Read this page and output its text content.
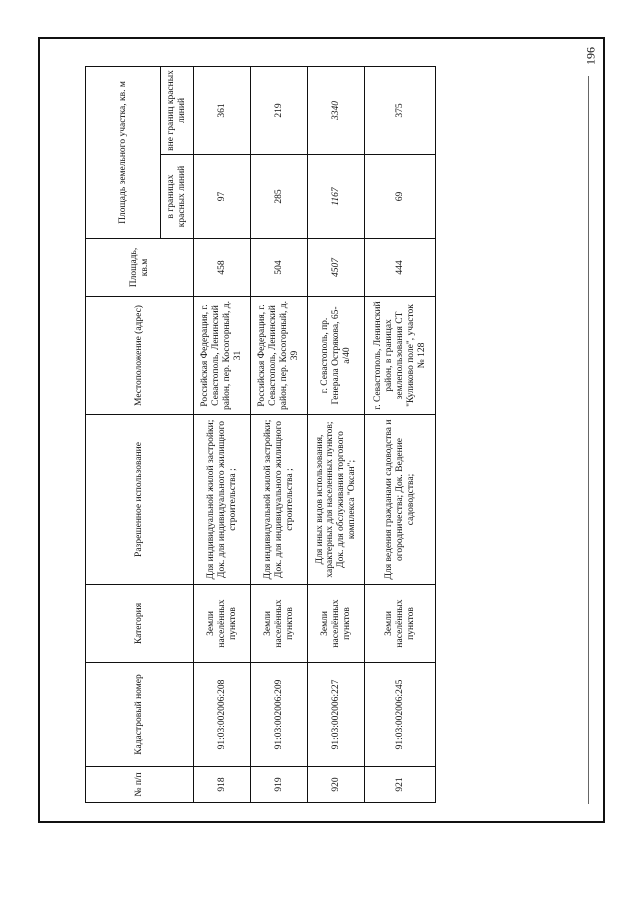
196
№ п/п	Кадастровый номер	Категория	Разрешенное использование	Местоположение (адрес)	Площадь, кв.м	Площадь земельного участка, кв. м	
						в границах красных линий	вне границ красных линий
918	91:03:002006:208	Земли населённых пунктов	Для индивидуальной жилой застройки; Док. для индивидуального жилищного строительства ;	Российская Федерация, г. Севастополь, Ленинский район, пер. Косогорный, д. 31	458	97	361
919	91:03:002006:209	Земли населённых пунктов	Для индивидуальной жилой застройки; Док. для индивидуального жилищного строительства ;	Российская Федерация, г. Севастополь, Ленинский район, пер. Косогорный, д. 39	504	285	219
920	91:03:002006:227	Земли населённых пунктов	Для иных видов использования, характерных для населенных пунктов; Док. для обслуживания торгового комплекса "Оксан";	г. Севастополь, пр. Генерала Острякова, 65-а/40	4507	1167	3340
921	91:03:002006:245	Земли населённых пунктов	Для ведения гражданами садоводства и огородничества; Док. Ведение садоводства;	г. Севастополь, Ленинский район, в границах землепользования СТ "Куликово поле", участок № 128	444	69	375
